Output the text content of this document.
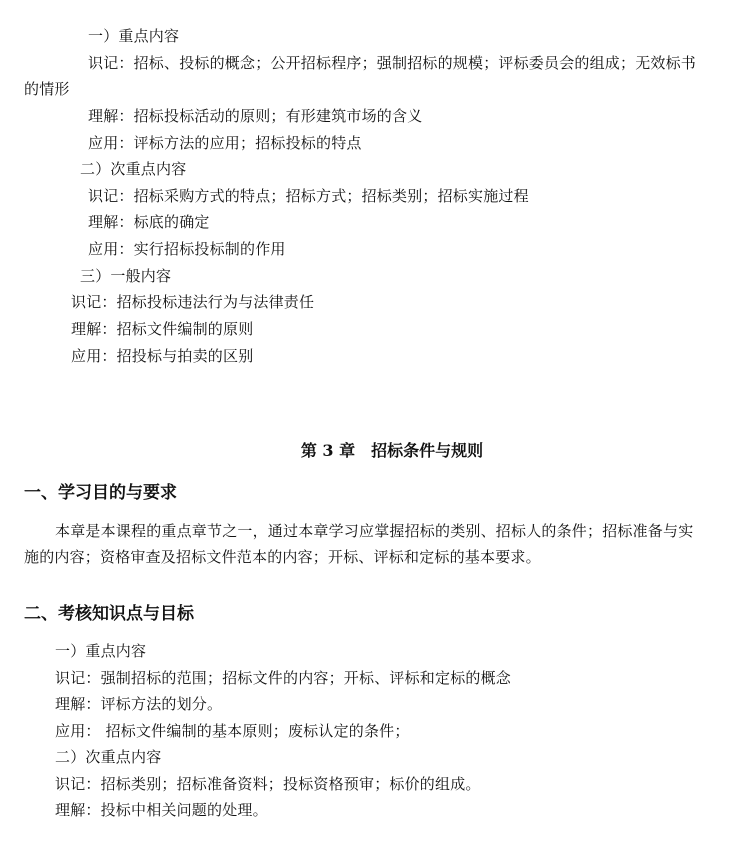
一）重点内容
识记：招标、投标的概念；公开招标程序；强制招标的规模；评标委员会的组成；无效标书
的情形
理解：招标投标活动的原则；有形建筑市场的含义
应用：评标方法的应用；招标投标的特点
二）次重点内容
识记：招标采购方式的特点；招标方式；招标类别；招标实施过程
理解：标底的确定
应用：实行招标投标制的作用
三）一般内容
识记：招标投标违法行为与法律责任
理解：招标文件编制的原则
应用：招投标与拍卖的区别
第 3 章　招标条件与规则
一、学习目的与要求
本章是本课程的重点章节之一，通过本章学习应掌握招标的类别、招标人的条件；招标准备与实
施的内容；资格审查及招标文件范本的内容；开标、评标和定标的基本要求。
二、考核知识点与目标
一）重点内容
识记：强制招标的范围；招标文件的内容；开标、评标和定标的概念
理解：评标方法的划分。
应用： 招标文件编制的基本原则；废标认定的条件；
二）次重点内容
识记：招标类别；招标准备资料；投标资格预审；标价的组成。
理解：投标中相关问题的处理。
